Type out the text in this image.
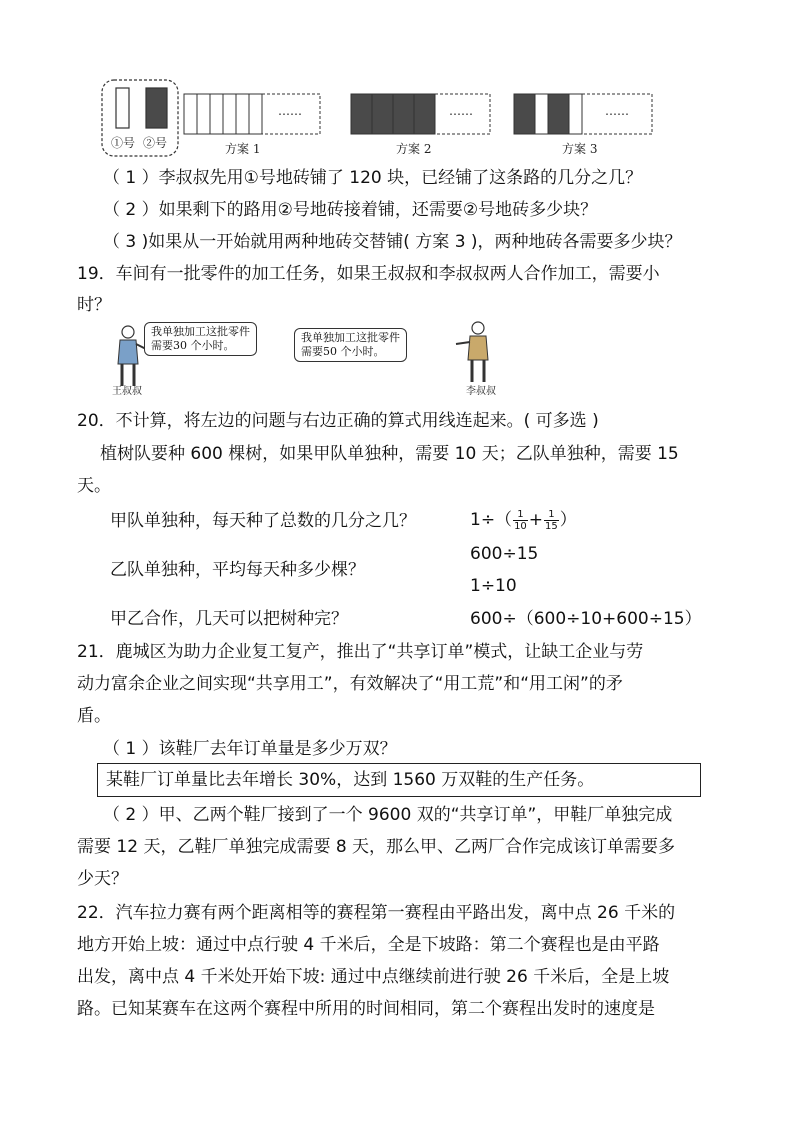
……	……	……
①号 ②号	方案 1	方案 2	方案 3
（ 1 ）李叔叔先用①号地砖铺了 120 块，已经铺了这条路的几分之几？
（ 2 ）如果剩下的路用②号地砖接着铺，还需要②号地砖多少块？
（ 3 )如果从一开始就用两种地砖交替铺( 方案 3 )，两种地砖各需要多少块？
19．车间有一批零件的加工任务，如果王叔叔和李叔叔两人合作加工，需要小
时？
我单独加工这批零件
需要30 个小时。
我单独加工这批零件
需要50 个小时。
王叔叔	李叔叔
20．不计算，将左边的问题与右边正确的算式用线连起来。( 可多选 )
植树队要种 600 棵树，如果甲队单独种，需要 10 天；乙队单独种，需要 15
天。
甲队单独种，每天种了总数的几分之几？
乙队单独种，平均每天种多少棵？
甲乙合作，几天可以把树种完？
$1\div( \frac{1}{10} + \frac{1}{15}$ ）
600÷15
1÷10
600÷（600÷10+600÷15）
21．鹿城区为助力企业复工复产，推出了“共享订单”模式，让缺工企业与劳
动力富余企业之间实现“共享用工”，有效解决了“用工荒”和“用工闲”的矛
盾。
（ 1 ）该鞋厂去年订单量是多少万双？
某鞋厂订单量比去年增长 30%，达到 1560 万双鞋的生产任务。
（ 2 ）甲、乙两个鞋厂接到了一个 9600 双的“共享订单”，甲鞋厂单独完成
需要 12 天，乙鞋厂单独完成需要 8 天，那么甲、乙两厂合作完成该订单需要多
少天？
22．汽车拉力赛有两个距离相等的赛程第一赛程由平路出发，离中点 26 千米的
地方开始上坡：通过中点行驶 4 千米后，全是下坡路：第二个赛程也是由平路
出发，离中点 4 千米处开始下坡: 通过中点继续前进行驶 26 千米后，全是上坡
路。已知某赛车在这两个赛程中所用的时间相同，第二个赛程出发时的速度是
